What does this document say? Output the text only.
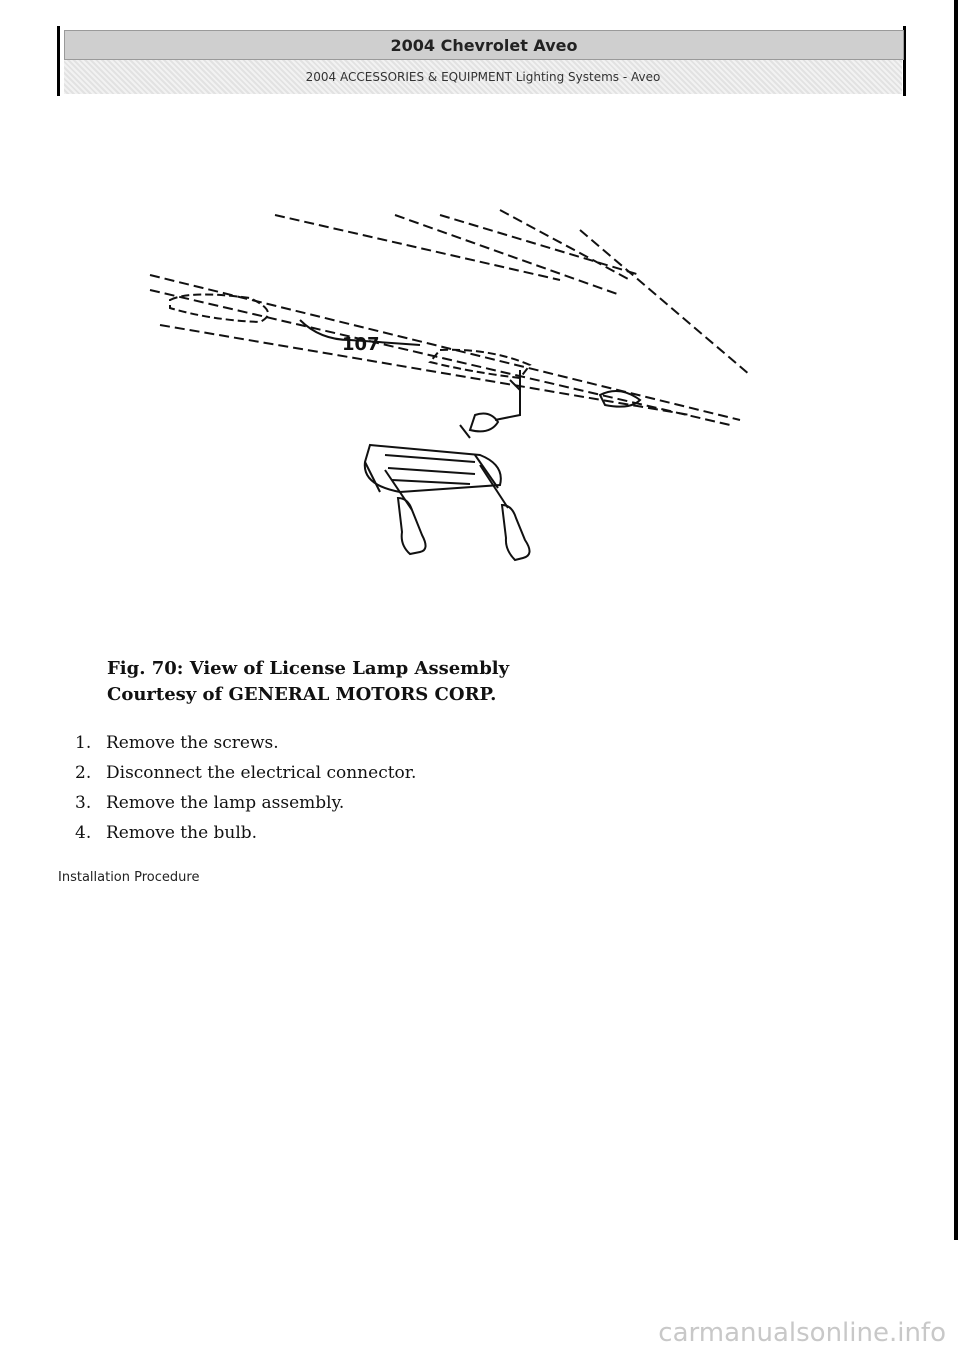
2004 Chevrolet Aveo
2004 ACCESSORIES & EQUIPMENT Lighting Systems - Aveo
107
Fig. 70: View of License Lamp Assembly
Courtesy of GENERAL MOTORS CORP.
1. Remove the screws.
2. Disconnect the electrical connector.
3. Remove the lamp assembly.
4. Remove the bulb.
Installation Procedure
carmanualsonline.info
